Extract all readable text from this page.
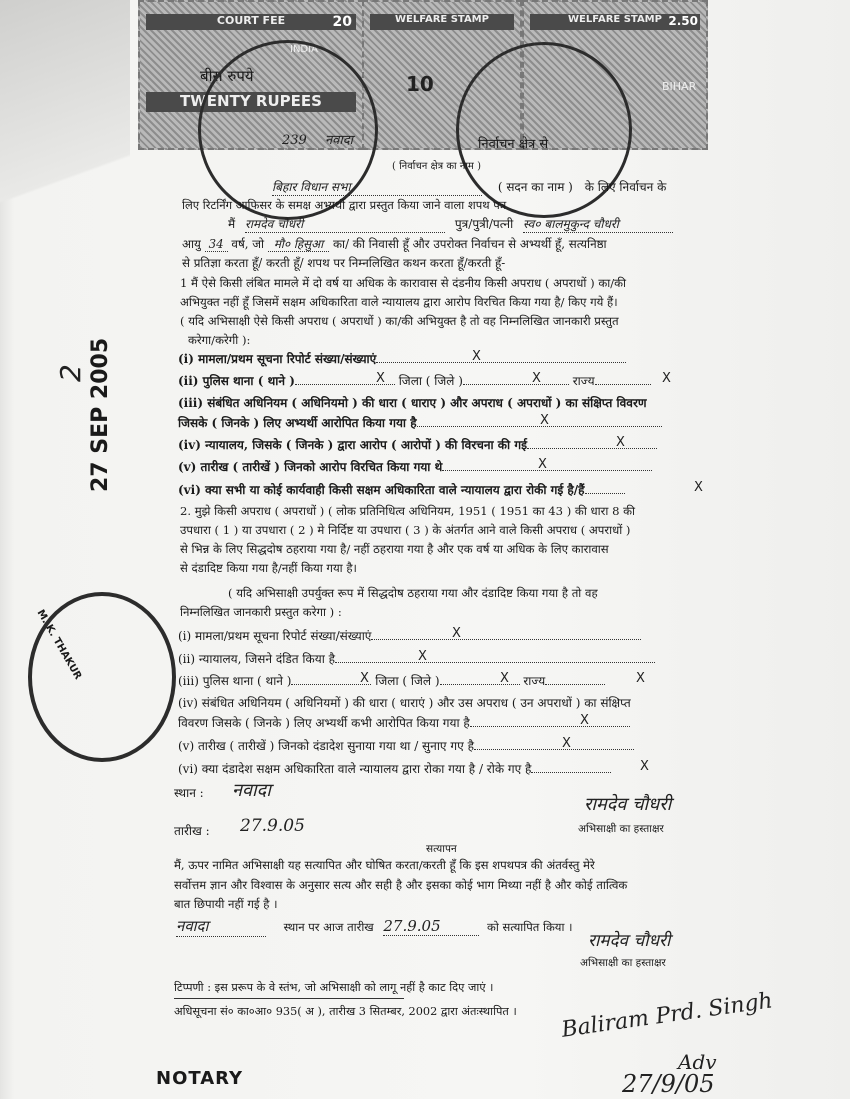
COURT FEE	20
INDIA
बीस रुपये
TWENTY RUPEES
WELFARE STAMP
10
WELFARE STAMP 2.50
BIHAR
239 नवादा	निर्वाचन क्षेत्र से
( निर्वाचन क्षेत्र का नाम )
बिहार विधान सभा	( सदन का नाम ) के लिए निर्वाचन के
लिए रिटर्निंग आफिसर के समक्ष अभ्यर्थी द्वारा प्रस्तुत किया जाने वाला शपथ पत्र
मैं रामदेव चौधरी	पुत्र/पुत्री/पत्नी स्व० बालमुकुन्द चौधरी
आयु 34 वर्ष, जो मौ० हिसुआ का/ की निवासी हूँ और उपरोक्त निर्वाचन से अभ्यर्थी हूँ, सत्यनिष्ठा
से प्रतिज्ञा करता हूँ/ करती हूँ/ शपथ पर निम्नलिखित कथन करता हूँ/करती हूँ-
1 मैं ऐसे किसी लंबित मामले में दो वर्ष या अधिक के कारावास से दंडनीय किसी अपराध ( अपराधों ) का/की
अभियुक्त नहीं हूँ जिसमें सक्षम अधिकारिता वाले न्यायालय द्वारा आरोप विरचित किया गया है/ किए गये हैं।
( यदि अभिसाक्षी ऐसे किसी अपराध ( अपराधों ) का/की अभियुक्त है तो वह निम्नलिखित जानकारी प्रस्तुत
करेगा/करेगी ):
(i) मामला/प्रथम सूचना रिपोर्ट संख्या/संख्याएं	X
(ii) पुलिस थाना ( थाने )	जिला ( जिले )	राज्य
X	X	X
(iii) संबंधित अधिनियम ( अधिनियमो ) की धारा ( धाराए ) और अपराध ( अपराधों ) का संक्षिप्त विवरण
जिसके ( जिनके ) लिए अभ्यर्थी आरोपित किया गया है	X
(iv) न्यायालय, जिसके ( जिनके ) द्वारा आरोप ( आरोपों ) की विरचना की गई	X
(v) तारीख ( तारीखें ) जिनको आरोप विरचित किया गया थे	X
(vi) क्या सभी या कोई कार्यवाही किसी सक्षम अधिकारिता वाले न्यायालय द्वारा रोकी गई है/हैं	X
2. मुझे किसी अपराध ( अपराधों ) ( लोक प्रतिनिधित्व अधिनियम, 1951 ( 1951 का 43 ) की धारा 8 की
उपधारा ( 1 ) या उपधारा ( 2 ) मे निर्दिष्ट या उपधारा ( 3 ) के अंतर्गत आने वाले किसी अपराध ( अपराधों )
से भिन्न के लिए सिद्धदोष ठहराया गया है/ नहीं ठहराया गया है और एक वर्ष या अधिक के लिए कारावास
से दंडादिष्ट किया गया है/नहीं किया गया है।
( यदि अभिसाक्षी उपर्युक्त रूप में सिद्धदोष ठहराया गया और दंडादिष्ट किया गया है तो वह
निम्नलिखित जानकारी प्रस्तुत करेगा ) :
(i) मामला/प्रथम सूचना रिपोर्ट संख्या/संख्याएं	X
(ii) न्यायालय, जिसने दंडित किया है	X
(iii) पुलिस थाना ( थाने )	जिला ( जिले )	राज्य
X	X	X
(iv) संबंधित अधिनियम ( अधिनियमों ) की धारा ( धाराएं ) और उस अपराध ( उन अपराधों ) का संक्षिप्त
विवरण जिसके ( जिनके ) लिए अभ्यर्थी कभी आरोपित किया गया है	X
(v) तारीख ( तारीखें ) जिनको दंडादेश सुनाया गया था / सुनाए गए है	X
(vi) क्या दंडादेश सक्षम अधिकारिता वाले न्यायालय द्वारा रोका गया है / रोके गए है	X
स्थान : नवादा
रामदेव चौधरी
अभिसाक्षी का हस्ताक्षर
तारीख : 27.9.05
सत्यापन
मैं, ऊपर नामित अभिसाक्षी यह सत्यापित और घोषित करता/करती हूँ कि इस शपथपत्र की अंतर्वस्तु मेरे
सर्वोत्तम ज्ञान और विश्वास के अनुसार सत्य और सही है और इसका कोई भाग मिथ्या नहीं है और कोई तात्विक
बात छिपायी नहीं गई है ।
नवादा	स्थान पर आज तारीख 27.9.05	को सत्यापित किया ।
रामदेव चौधरी
अभिसाक्षी का हस्ताक्षर
टिप्पणी : इस प्ररूप के वे स्तंभ, जो अभिसाक्षी को लागू नहीं है काट दिए जाएं ।
अधिसूचना सं० का०आ० 935( अ ), तारीख 3 सितम्बर, 2002 द्वारा अंतःस्थापित ।
27 SEP 2005
2
M. K. THAKUR
NOTARY
Baliram Prd. Singh
Adv
27/9/05
